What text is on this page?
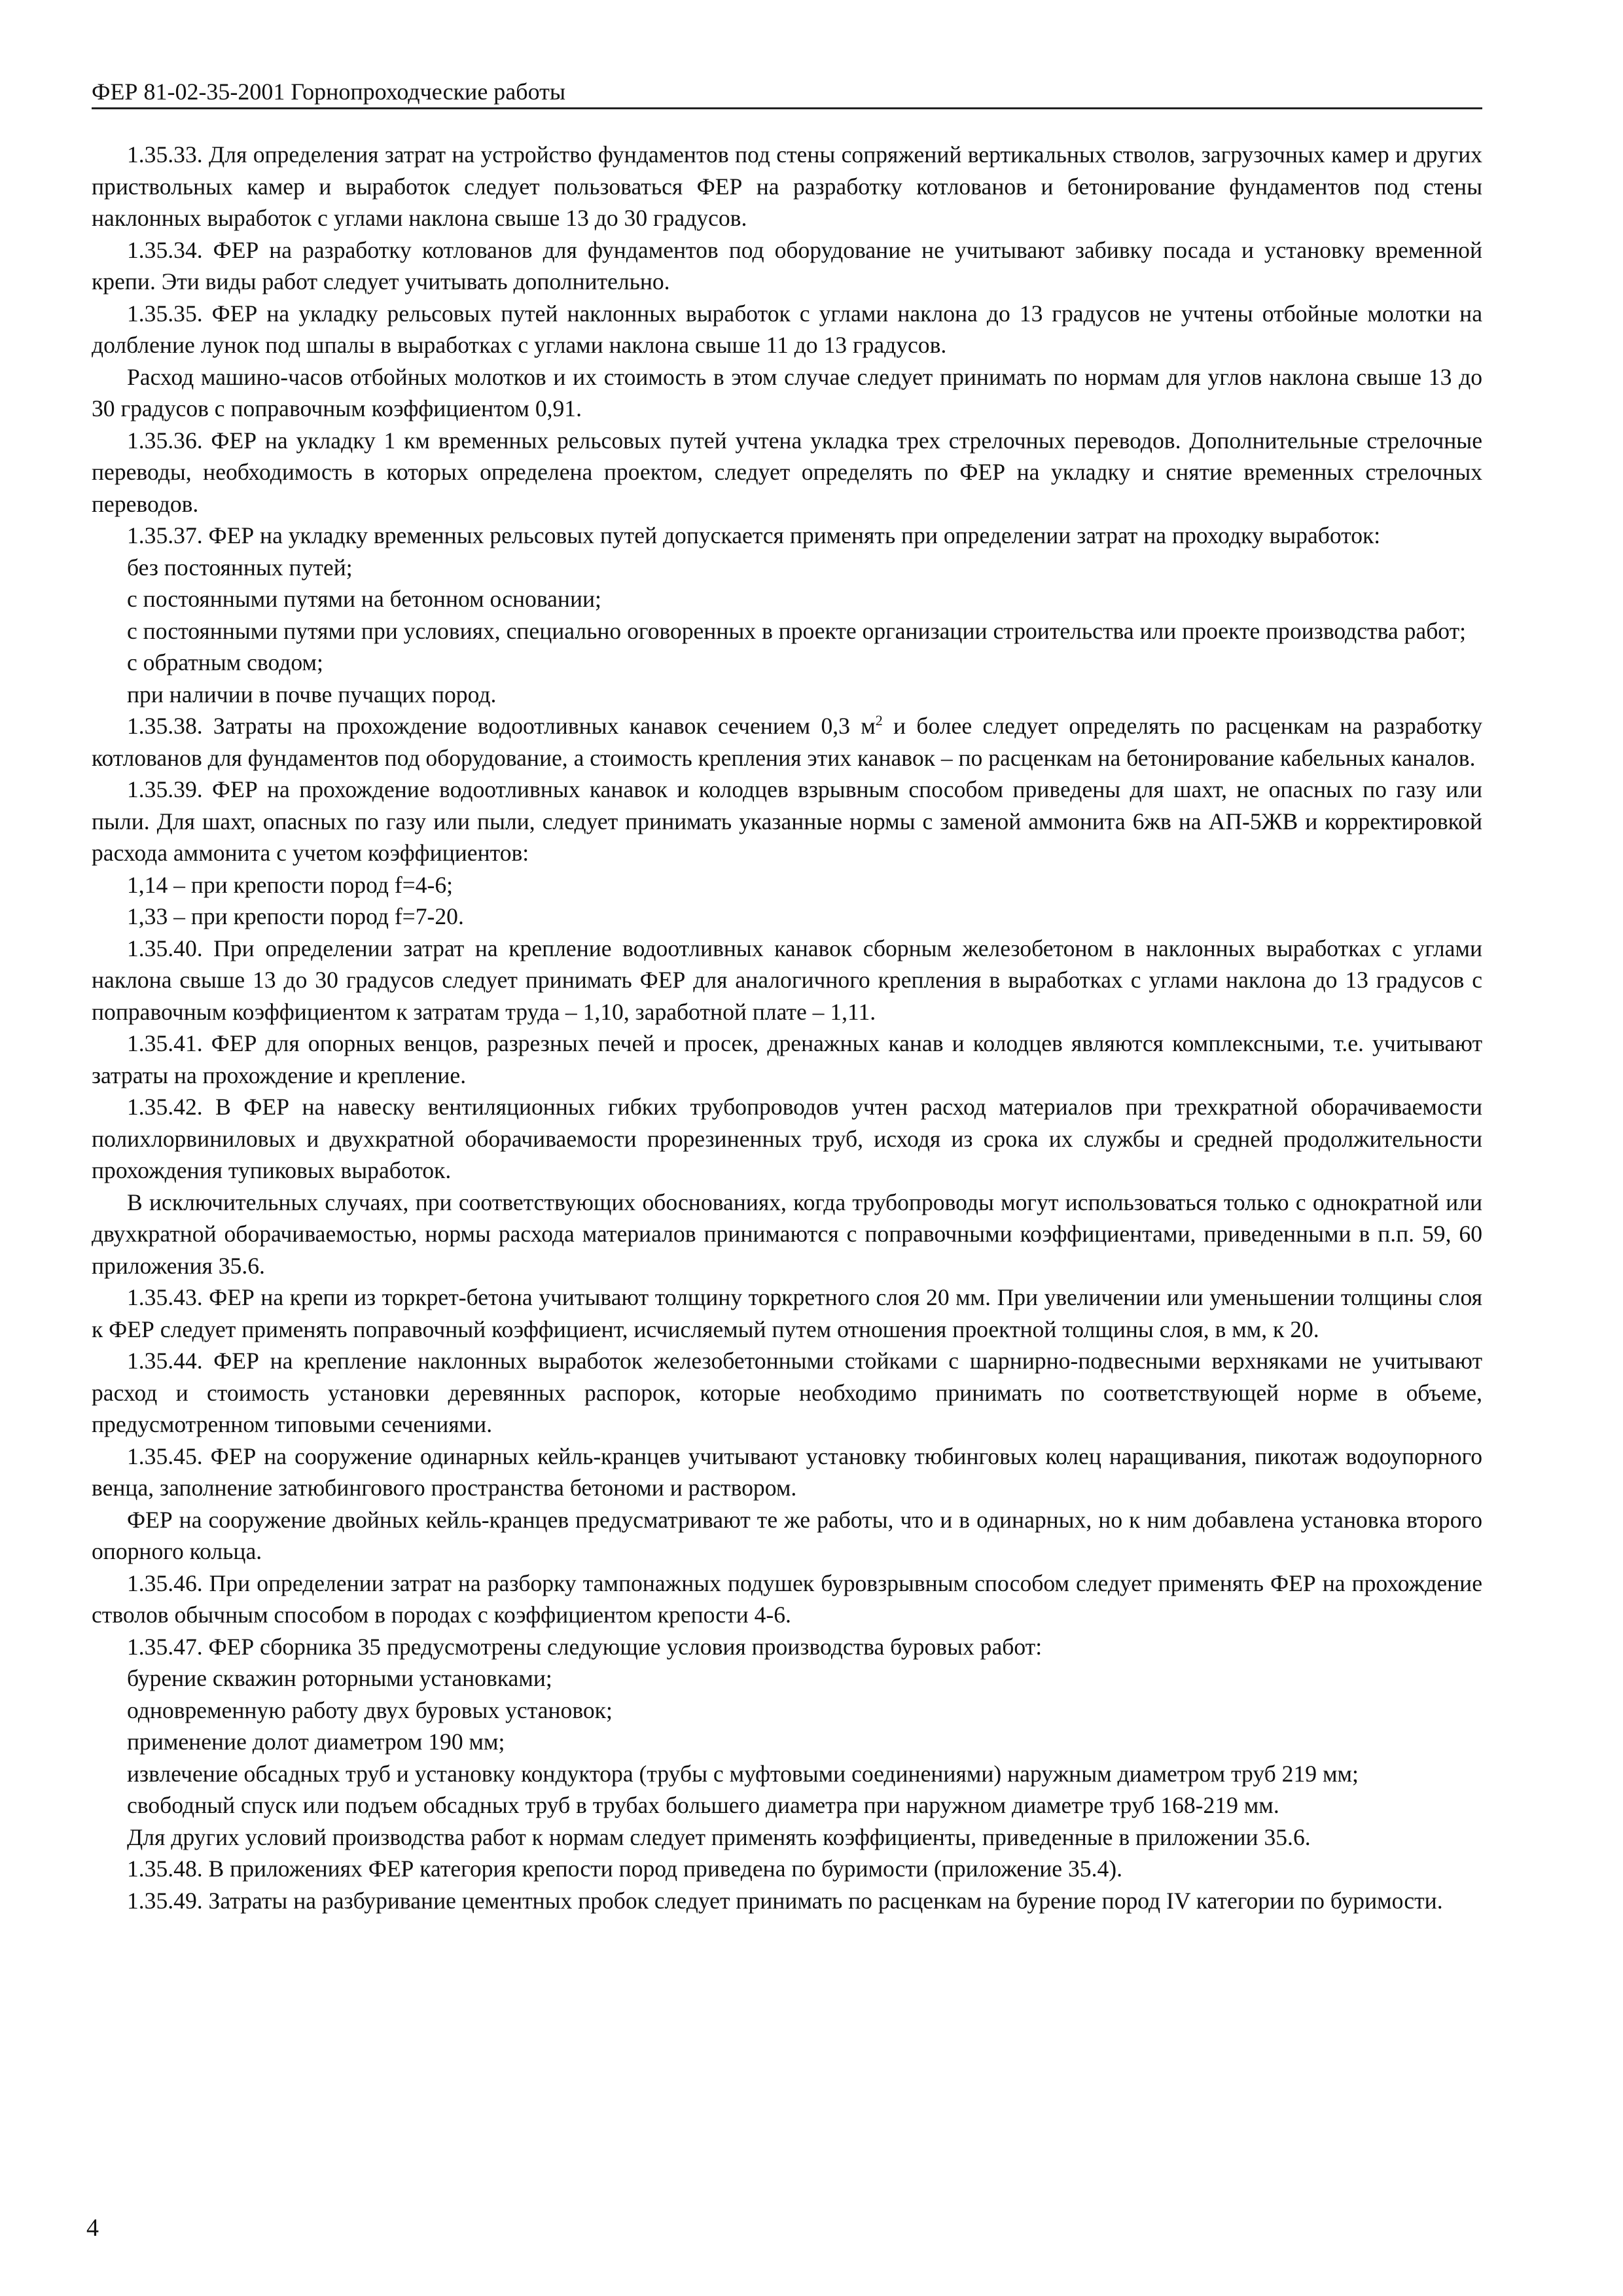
ФЕР 81-02-35-2001 Горнопроходческие работы

1.35.33. Для определения затрат на устройство фундаментов под стены сопряжений вертикальных стволов, загрузочных камер и других приствольных камер и выработок следует пользоваться ФЕР на разработку котлованов и бетонирование фундаментов под стены наклонных выработок с углами наклона свыше 13 до 30 градусов.

1.35.34. ФЕР на разработку котлованов для фундаментов под оборудование не учитывают забивку посада и установку временной крепи. Эти виды работ следует учитывать дополнительно.

1.35.35. ФЕР на укладку рельсовых путей наклонных выработок с углами наклона до 13 градусов не учтены отбойные молотки на долбление лунок под шпалы в выработках с углами наклона свыше 11 до 13 градусов.

Расход машино-часов отбойных молотков и их стоимость в этом случае следует принимать по нормам для углов наклона свыше 13 до 30 градусов с поправочным коэффициентом 0,91.

1.35.36. ФЕР на укладку 1 км временных рельсовых путей учтена укладка трех стрелочных переводов. Дополнительные стрелочные переводы, необходимость в которых определена проектом, следует определять по ФЕР на укладку и снятие временных стрелочных переводов.

1.35.37. ФЕР на укладку временных рельсовых путей допускается применять при определении затрат на проходку выработок:

без постоянных путей;

с постоянными путями на бетонном основании;

с постоянными путями при условиях, специально оговоренных в проекте организации строительства или проекте производства работ;

с обратным сводом;

при наличии в почве пучащих пород.

1.35.38. Затраты на прохождение водоотливных канавок сечением 0,3 $м^2$ и более следует определять по расценкам на разработку котлованов для фундаментов под оборудование, а стоимость крепления этих канавок – по расценкам на бетонирование кабельных каналов.

1.35.39. ФЕР на прохождение водоотливных канавок и колодцев взрывным способом приведены для шахт, не опасных по газу или пыли. Для шахт, опасных по газу или пыли, следует принимать указанные нормы с заменой аммонита 6жв на АП-5ЖВ и корректировкой расхода аммонита с учетом коэффициентов:

1,14 – при крепости пород f=4-6;

1,33 – при крепости пород f=7-20.

1.35.40. При определении затрат на крепление водоотливных канавок сборным железобетоном в наклонных выработках с углами наклона свыше 13 до 30 градусов следует принимать ФЕР для аналогичного крепления в выработках с углами наклона до 13 градусов с поправочным коэффициентом к затратам труда – 1,10, заработной плате – 1,11.

1.35.41. ФЕР для опорных венцов, разрезных печей и просек, дренажных канав и колодцев являются комплексными, т.е. учитывают затраты на прохождение и крепление.

1.35.42. В ФЕР на навеску вентиляционных гибких трубопроводов учтен расход материалов при трехкратной оборачиваемости полихлорвиниловых и двухкратной оборачиваемости прорезиненных труб, исходя из срока их службы и средней продолжительности прохождения тупиковых выработок.

В исключительных случаях, при соответствующих обоснованиях, когда трубопроводы могут использоваться только с однократной или двухкратной оборачиваемостью, нормы расхода материалов принимаются с поправочными коэффициентами, приведенными в п.п. 59, 60 приложения 35.6.

1.35.43. ФЕР на крепи из торкрет-бетона учитывают толщину торкретного слоя 20 мм. При увеличении или уменьшении толщины слоя к ФЕР следует применять поправочный коэффициент, исчисляемый путем отношения проектной толщины слоя, в мм, к 20.

1.35.44. ФЕР на крепление наклонных выработок железобетонными стойками с шарнирно-подвесными верхняками не учитывают расход и стоимость установки деревянных распорок, которые необходимо принимать по соответствующей норме в объеме, предусмотренном типовыми сечениями.

1.35.45. ФЕР на сооружение одинарных кейль-кранцев учитывают установку тюбинговых колец наращивания, пикотаж водоупорного венца, заполнение затюбингового пространства бетономи и раствором.

ФЕР на сооружение двойных кейль-кранцев предусматривают те же работы, что и в одинарных, но к ним добавлена установка второго опорного кольца.

1.35.46. При определении затрат на разборку тампонажных подушек буровзрывным способом следует применять ФЕР на прохождение стволов обычным способом в породах с коэффициентом крепости 4-6.

1.35.47. ФЕР сборника 35 предусмотрены следующие условия производства буровых работ:

бурение скважин роторными установками;

одновременную работу двух буровых установок;

применение долот диаметром 190 мм;

извлечение обсадных труб и установку кондуктора (трубы с муфтовыми соединениями) наружным диаметром труб 219 мм;

свободный спуск или подъем обсадных труб в трубах большего диаметра при наружном диаметре труб 168-219 мм.

Для других условий производства работ к нормам следует применять коэффициенты, приведенные в приложении 35.6.

1.35.48. В приложениях ФЕР категория крепости пород приведена по буримости (приложение 35.4).

1.35.49. Затраты на разбуривание цементных пробок следует принимать по расценкам на бурение пород IV категории по буримости.

4
